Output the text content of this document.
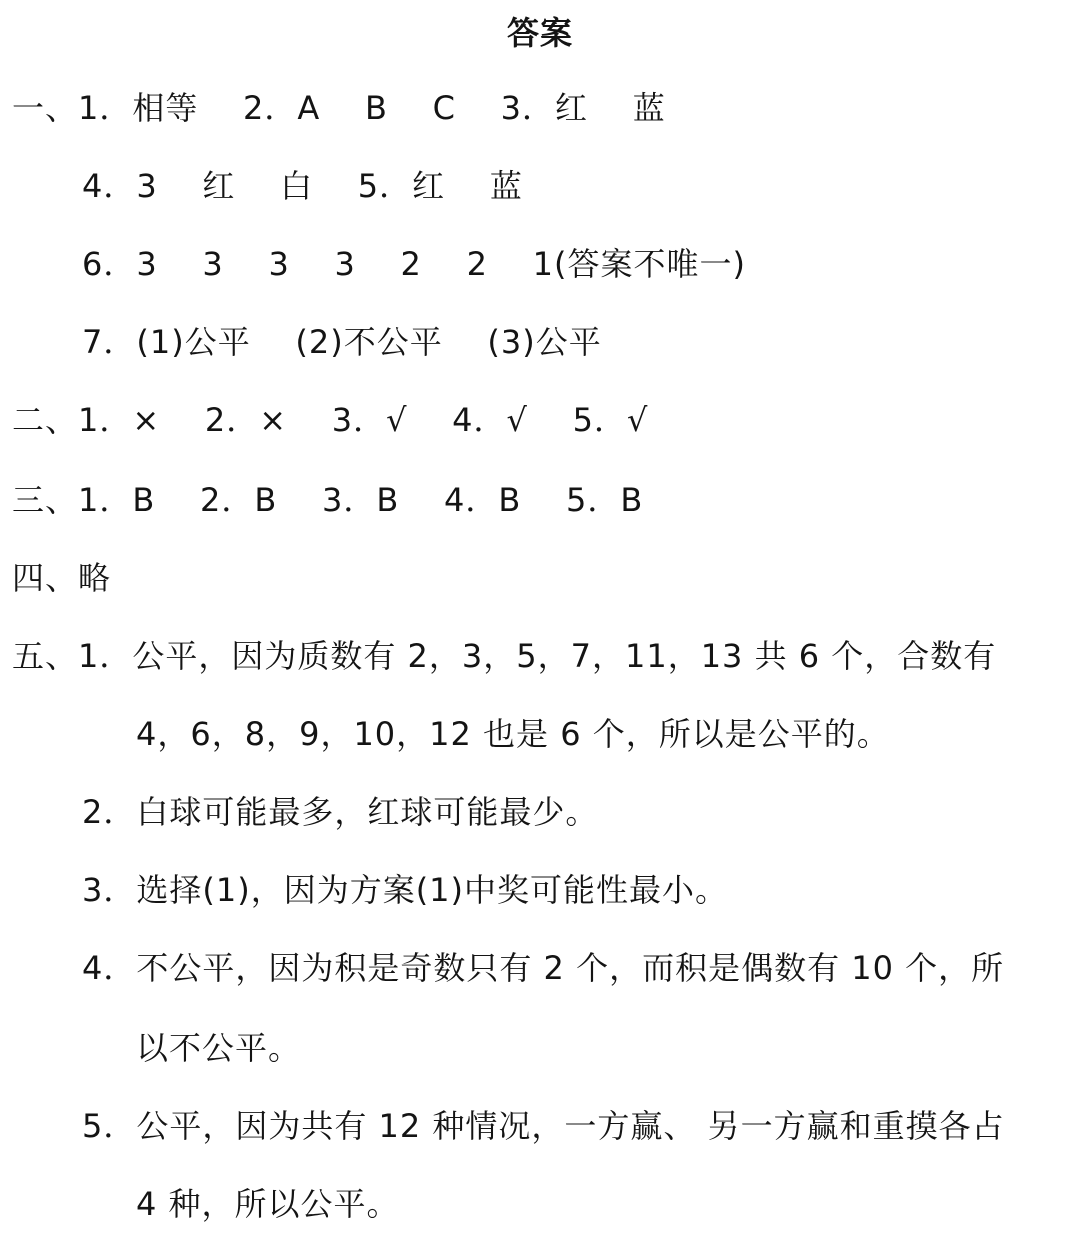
答案
一、1．相等    2．A    B    C    3．红    蓝
4．3    红    白    5．红    蓝
6．3    3    3    3    2    2    1(答案不唯一)
7．(1)公平    (2)不公平    (3)公平
二、1．×    2．×    3．√    4．√    5．√
三、1．B    2．B    3．B    4．B    5．B
四、略
五、1．公平，因为质数有 2，3，5，7，11，13 共 6 个，合数有
4，6，8，9，10，12 也是 6 个，所以是公平的。
2．白球可能最多，红球可能最少。
3．选择(1)，因为方案(1)中奖可能性最小。
4．不公平，因为积是奇数只有 2 个，而积是偶数有 10 个，所
以不公平。
5．公平，因为共有 12 种情况，一方赢、 另一方赢和重摸各占
4 种，所以公平。
